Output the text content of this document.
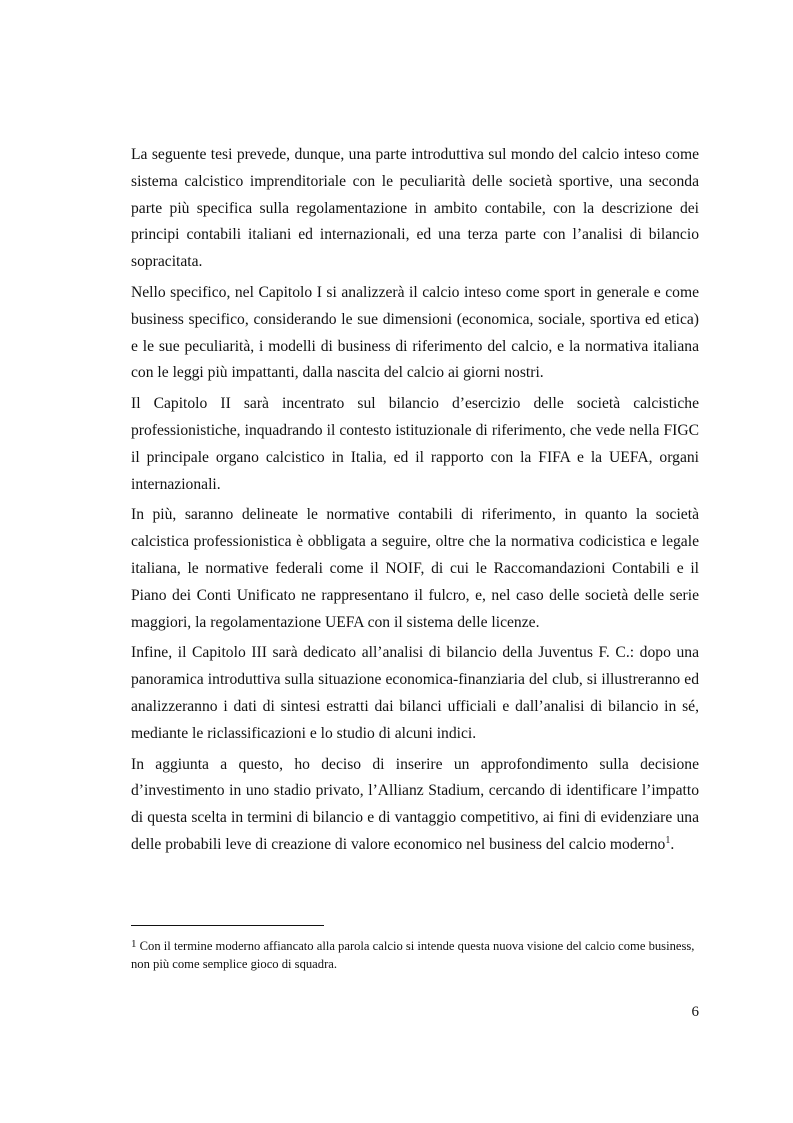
La seguente tesi prevede, dunque, una parte introduttiva sul mondo del calcio inteso come sistema calcistico imprenditoriale con le peculiarità delle società sportive, una seconda parte più specifica sulla regolamentazione in ambito contabile, con la descrizione dei principi contabili italiani ed internazionali, ed una terza parte con l’analisi di bilancio sopracitata.

Nello specifico, nel Capitolo I si analizzerà il calcio inteso come sport in generale e come business specifico, considerando le sue dimensioni (economica, sociale, sportiva ed etica) e le sue peculiarità, i modelli di business di riferimento del calcio, e la normativa italiana con le leggi più impattanti, dalla nascita del calcio ai giorni nostri.

Il Capitolo II sarà incentrato sul bilancio d’esercizio delle società calcistiche professionistiche, inquadrando il contesto istituzionale di riferimento, che vede nella FIGC il principale organo calcistico in Italia, ed il rapporto con la FIFA e la UEFA, organi internazionali.

In più, saranno delineate le normative contabili di riferimento, in quanto la società calcistica professionistica è obbligata a seguire, oltre che la normativa codicistica e legale italiana, le normative federali come il NOIF, di cui le Raccomandazioni Contabili e il Piano dei Conti Unificato ne rappresentano il fulcro, e, nel caso delle società delle serie maggiori, la regolamentazione UEFA con il sistema delle licenze.

Infine, il Capitolo III sarà dedicato all’analisi di bilancio della Juventus F. C.: dopo una panoramica introduttiva sulla situazione economica-finanziaria del club, si illustreranno ed analizzeranno i dati di sintesi estratti dai bilanci ufficiali e dall’analisi di bilancio in sé, mediante le riclassificazioni e lo studio di alcuni indici.

In aggiunta a questo, ho deciso di inserire un approfondimento sulla decisione d’investimento in uno stadio privato, l’Allianz Stadium, cercando di identificare l’impatto di questa scelta in termini di bilancio e di vantaggio competitivo, ai fini di evidenziare una delle probabili leve di creazione di valore economico nel business del calcio moderno$^1$.

$^1$ Con il termine moderno affiancato alla parola calcio si intende questa nuova visione del calcio come business, non più come semplice gioco di squadra.
6
